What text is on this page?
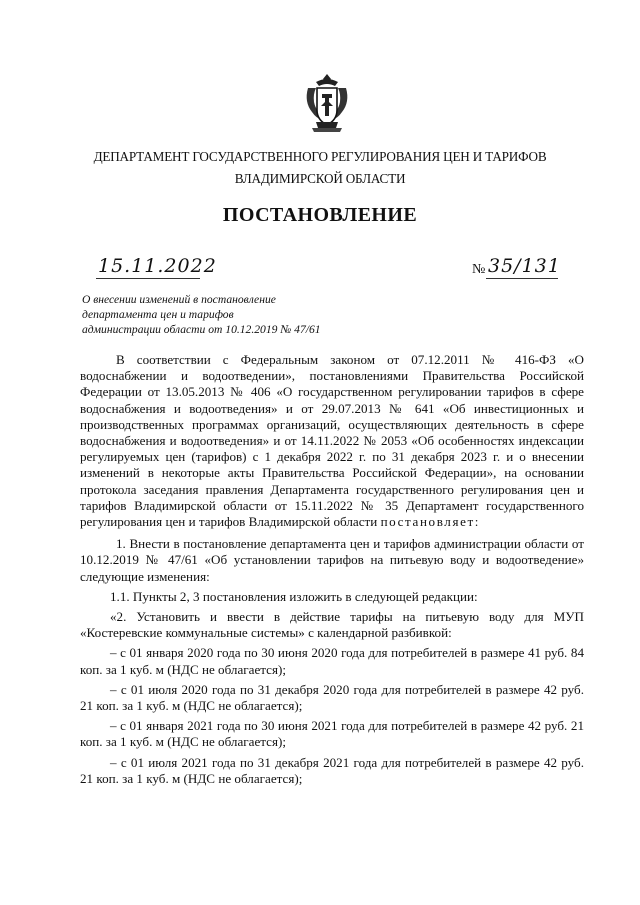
ДЕПАРТАМЕНТ ГОСУДАРСТВЕННОГО РЕГУЛИРОВАНИЯ ЦЕН И ТАРИФОВ
ВЛАДИМИРСКОЙ ОБЛАСТИ
ПОСТАНОВЛЕНИЕ
15.11.2022	№ 35/131
О внесении изменений в постановление
департамента цен и тарифов
администрации области от 10.12.2019 № 47/61

В соответствии с Федеральным законом от 07.12.2011 № 416-ФЗ «О водоснабжении и водоотведении», постановлениями Правительства Российской Федерации от 13.05.2013 № 406 «О государственном регулировании тарифов в сфере водоснабжения и водоотведения» и от 29.07.2013 № 641 «Об инвестиционных и производственных программах организаций, осуществляющих деятельность в сфере водоснабжения и водоотведения» и от 14.11.2022 № 2053 «Об особенностях индексации регулируемых цен (тарифов) с 1 декабря 2022 г. по 31 декабря 2023 г. и о внесении изменений в некоторые акты Правительства Российской Федерации», на основании протокола заседания правления Департамента государственного регулирования цен и тарифов Владимирской области от 15.11.2022 № 35 Департамент государственного регулирования цен и тарифов Владимирской области постановляет:

1. Внести в постановление департамента цен и тарифов администрации области от 10.12.2019 № 47/61 «Об установлении тарифов на питьевую воду и водоотведение» следующие изменения:

1.1. Пункты 2, 3 постановления изложить в следующей редакции:

«2. Установить и ввести в действие тарифы на питьевую воду для МУП «Костеревские коммунальные системы» с календарной разбивкой:

– с 01 января 2020 года по 30 июня 2020 года для потребителей в размере 41 руб. 84 коп. за 1 куб. м (НДС не облагается);

– с 01 июля 2020 года по 31 декабря 2020 года для потребителей в размере 42 руб. 21 коп. за 1 куб. м (НДС не облагается);

– с 01 января 2021 года по 30 июня 2021 года для потребителей в размере 42 руб. 21 коп. за 1 куб. м (НДС не облагается);

– с 01 июля 2021 года по 31 декабря 2021 года для потребителей в размере 42 руб. 21 коп. за 1 куб. м (НДС не облагается);
